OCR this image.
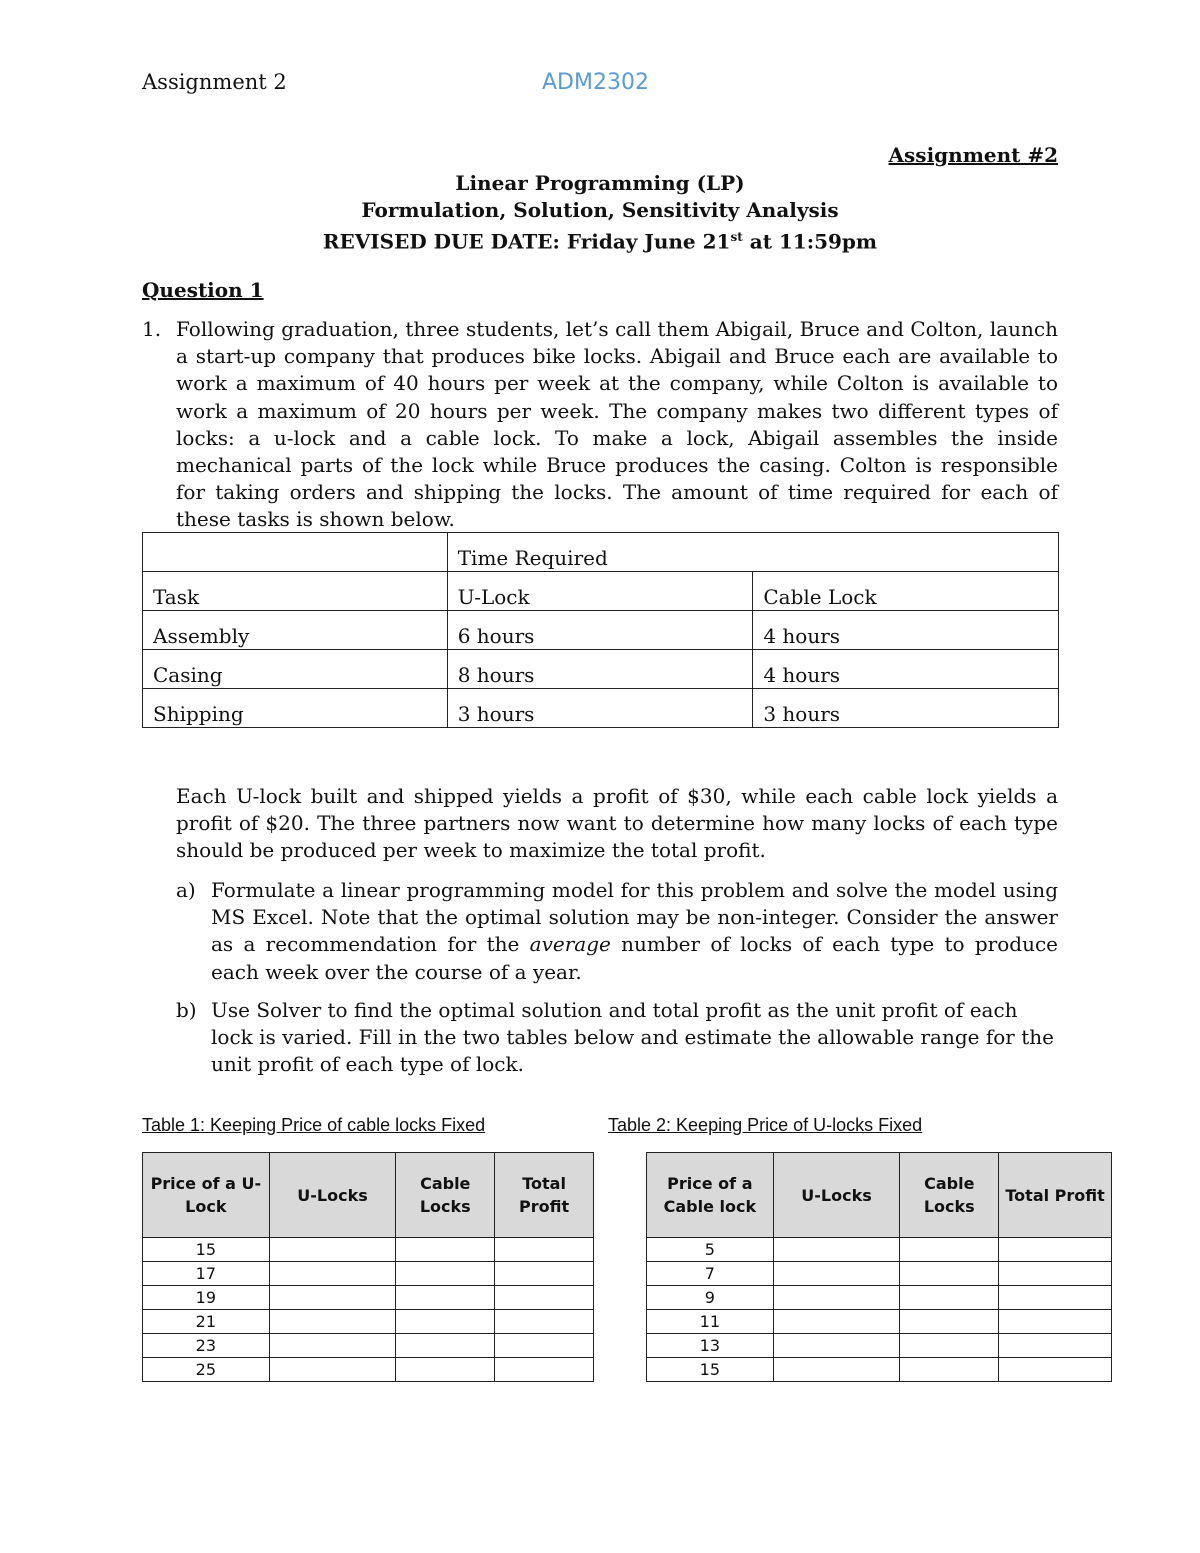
Assignment 2	ADM2302
Assignment #2
Linear Programming (LP)
Formulation, Solution, Sensitivity Analysis
REVISED DUE DATE: Friday June 21st at 11:59pm
Question 1
1. Following graduation, three students, let’s call them Abigail, Bruce and Colton, launch a start-up company that produces bike locks. Abigail and Bruce each are available to work a maximum of 40 hours per week at the company, while Colton is available to work a maximum of 20 hours per week. The company makes two different types of locks: a u-lock and a cable lock. To make a lock, Abigail assembles the inside mechanical parts of the lock while Bruce produces the casing. Colton is responsible for taking orders and shipping the locks. The amount of time required for each of these tasks is shown below.
	Time Required	
Task	U-Lock	Cable Lock
Assembly	6 hours	4 hours
Casing	8 hours	4 hours
Shipping	3 hours	3 hours
Each U-lock built and shipped yields a profit of $30, while each cable lock yields a profit of $20. The three partners now want to determine how many locks of each type should be produced per week to maximize the total profit.
a) Formulate a linear programming model for this problem and solve the model using MS Excel. Note that the optimal solution may be non-integer. Consider the answer as a recommendation for the average number of locks of each type to produce each week over the course of a year.
b) Use Solver to find the optimal solution and total profit as the unit profit of each lock is varied. Fill in the two tables below and estimate the allowable range for the unit profit of each type of lock.
Table 1: Keeping Price of cable locks Fixed	Table 2: Keeping Price of U-locks Fixed
Price of a U-Lock	U-Locks	Cable Locks	Total Profit
15			
17			
19			
21			
23			
25			
Price of a Cable lock	U-Locks	Cable Locks	Total Profit
5			
7			
9			
11			
13			
15			
